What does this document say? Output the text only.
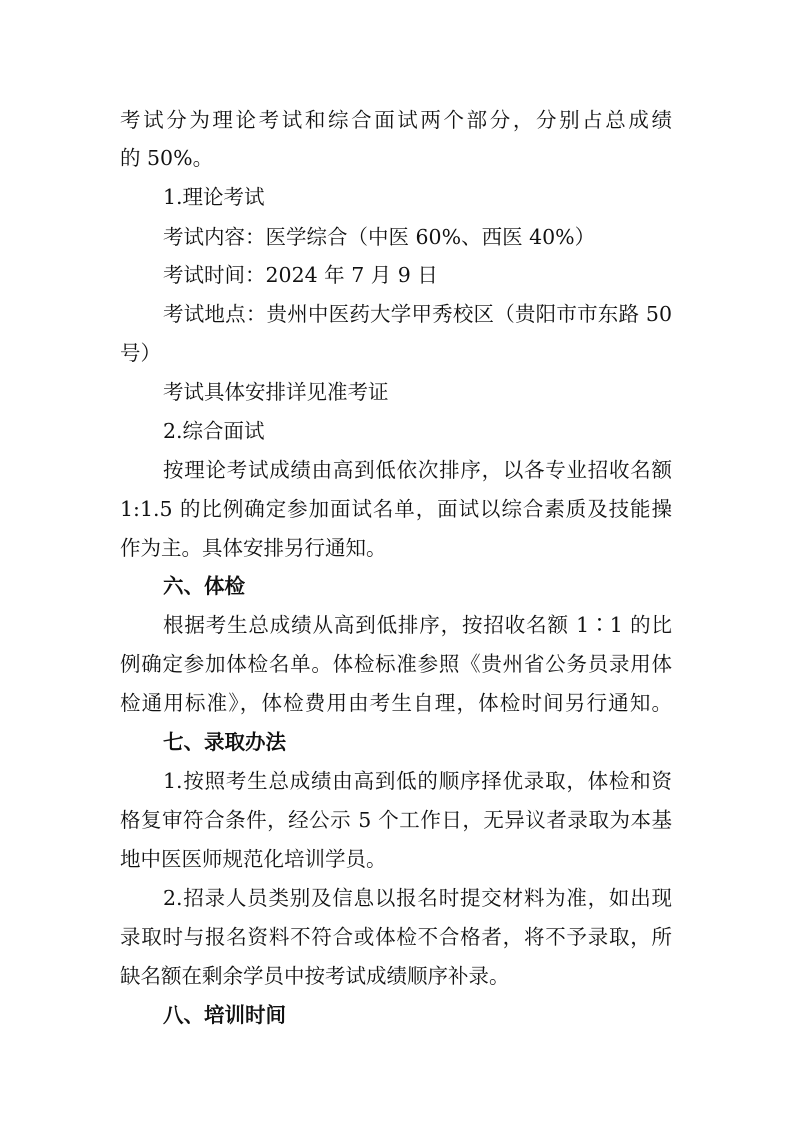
考试分为理论考试和综合面试两个部分，分别占总成绩
的 50%。
1.理论考试
考试内容：医学综合（中医 60%、西医 40%）
考试时间：2024 年 7 月 9 日
考试地点：贵州中医药大学甲秀校区（贵阳市市东路 50
号）
考试具体安排详见准考证
2.综合面试
按理论考试成绩由高到低依次排序，以各专业招收名额
1:1.5 的比例确定参加面试名单，面试以综合素质及技能操
作为主。具体安排另行通知。
六、体检
根据考生总成绩从高到低排序，按招收名额 1∶1 的比
例确定参加体检名单。体检标准参照《贵州省公务员录用体
检通用标准》，体检费用由考生自理，体检时间另行通知。
七、录取办法
1.按照考生总成绩由高到低的顺序择优录取，体检和资
格复审符合条件，经公示 5 个工作日，无异议者录取为本基
地中医医师规范化培训学员。
2.招录人员类别及信息以报名时提交材料为准，如出现
录取时与报名资料不符合或体检不合格者，将不予录取，所
缺名额在剩余学员中按考试成绩顺序补录。
八、培训时间
